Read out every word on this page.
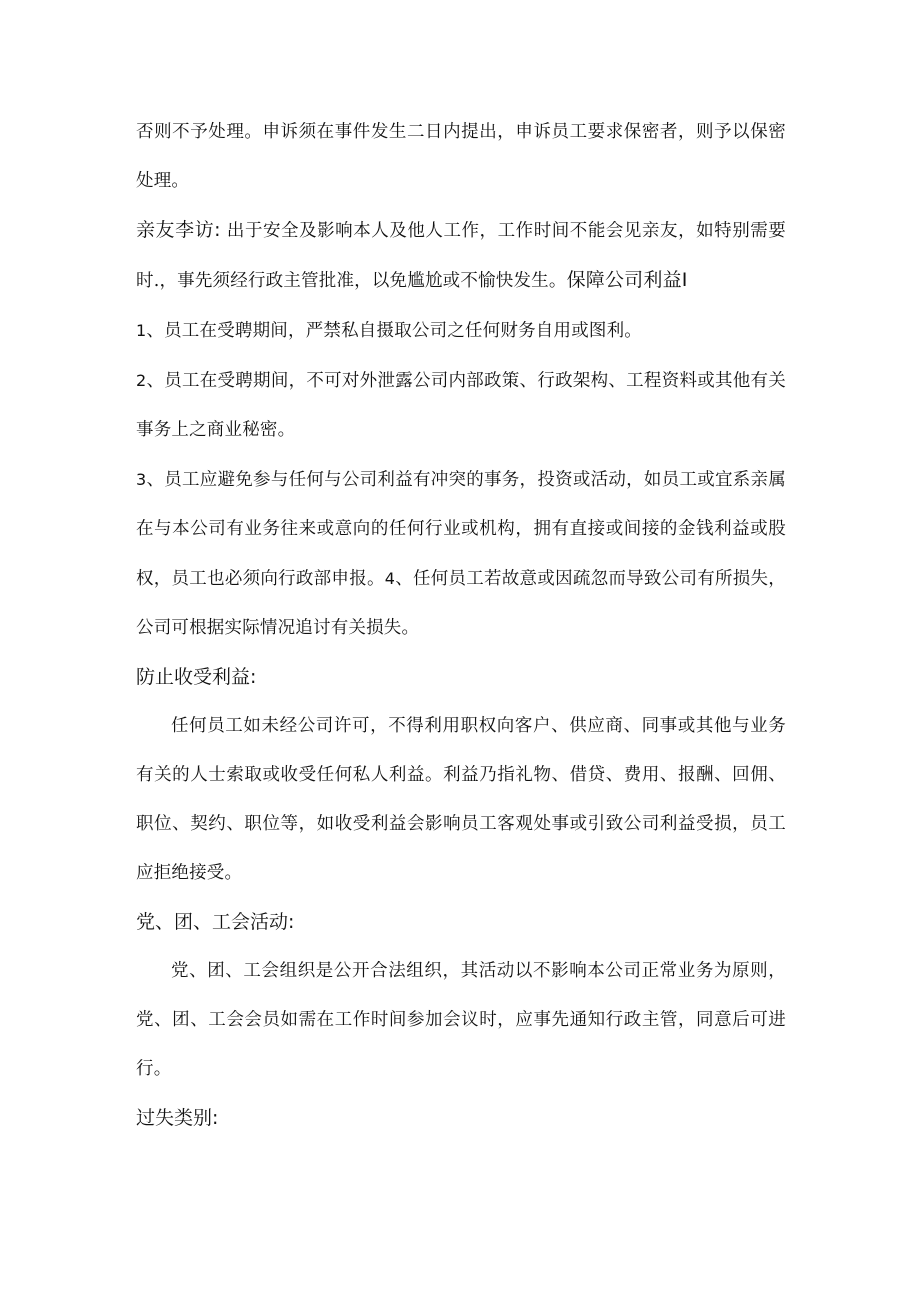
否则不予处理。申诉须在事件发生二日内提出，申诉员工要求保密者，则予以保密处理。

亲友李访: 出于安全及影响本人及他人工作，工作时间不能会见亲友，如特别需要时.，事先须经行政主管批准，以免尴尬或不愉快发生。保障公司利益I

1、员工在受聘期间，严禁私自摄取公司之任何财务自用或图利。

2、员工在受聘期间，不可对外泄露公司内部政策、行政架构、工程资料或其他有关事务上之商业秘密。

3、员工应避免参与任何与公司利益有冲突的事务，投资或活动，如员工或宜系亲属在与本公司有业务往来或意向的任何行业或机构，拥有直接或间接的金钱利益或股权，员工也必须向行政部申报。4、任何员工若故意或因疏忽而导致公司有所损失，公司可根据实际情况追讨有关损失。

防止收受利益:

任何员工如未经公司许可，不得利用职权向客户、供应商、同事或其他与业务有关的人士索取或收受任何私人利益。利益乃指礼物、借贷、费用、报酬、回佣、职位、契约、职位等，如收受利益会影响员工客观处事或引致公司利益受损，员工应拒绝接受。

党、团、工会活动:

党、团、工会组织是公开合法组织，其活动以不影响本公司正常业务为原则，党、团、工会会员如需在工作时间参加会议时，应事先通知行政主管，同意后可进行。

过失类别:
